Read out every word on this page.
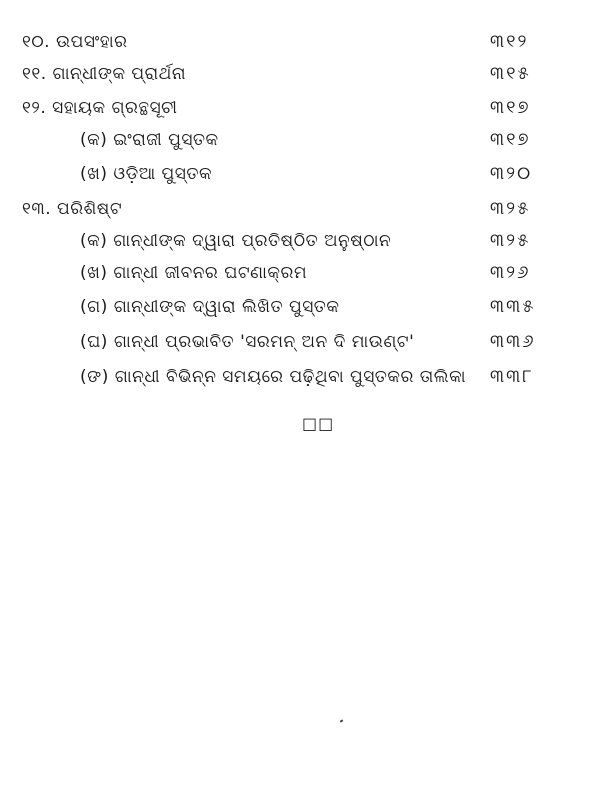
୧୦. ଉପସଂହାର	୩୧୨
୧୧. ଗାନ୍ଧୀଙ୍କ ପ୍ରାର୍ଥନା	୩୧୫
୧୨. ସହାୟକ ଗ୍ରନ୍ଥସୂଚୀ	୩୧୭
(କ) ଇଂରାଜୀ ପୁସ୍ତକ	୩୧୭
(ଖ) ଓଡ଼ିଆ ପୁସ୍ତକ	୩୨୦
୧୩. ପରିଶିଷ୍ଟ	୩୨୫
(କ) ଗାନ୍ଧୀଙ୍କ ଦ୍ୱାରା ପ୍ରତିଷ୍ଠିତ ଅନୁଷ୍ଠାନ	୩୨୫
(ଖ) ଗାନ୍ଧୀ ଜୀବନର ଘଟଣାକ୍ରମ	୩୨୬
(ଗ) ଗାନ୍ଧୀଙ୍କ ଦ୍ୱାରା ଲିଖିତ ପୁସ୍ତକ	୩୩୫
(ଘ) ଗାନ୍ଧୀ ପ୍ରଭାବିତ 'ସରମନ୍ ଅନ ଦି ମାଉଣ୍ଟ'	୩୩୬
(ଙ) ଗାନ୍ଧୀ ବିଭିନ୍ନ ସମୟରେ ପଢ଼ିଥିବା ପୁସ୍ତକର ତାଲିକା ୩୩୮
□□
